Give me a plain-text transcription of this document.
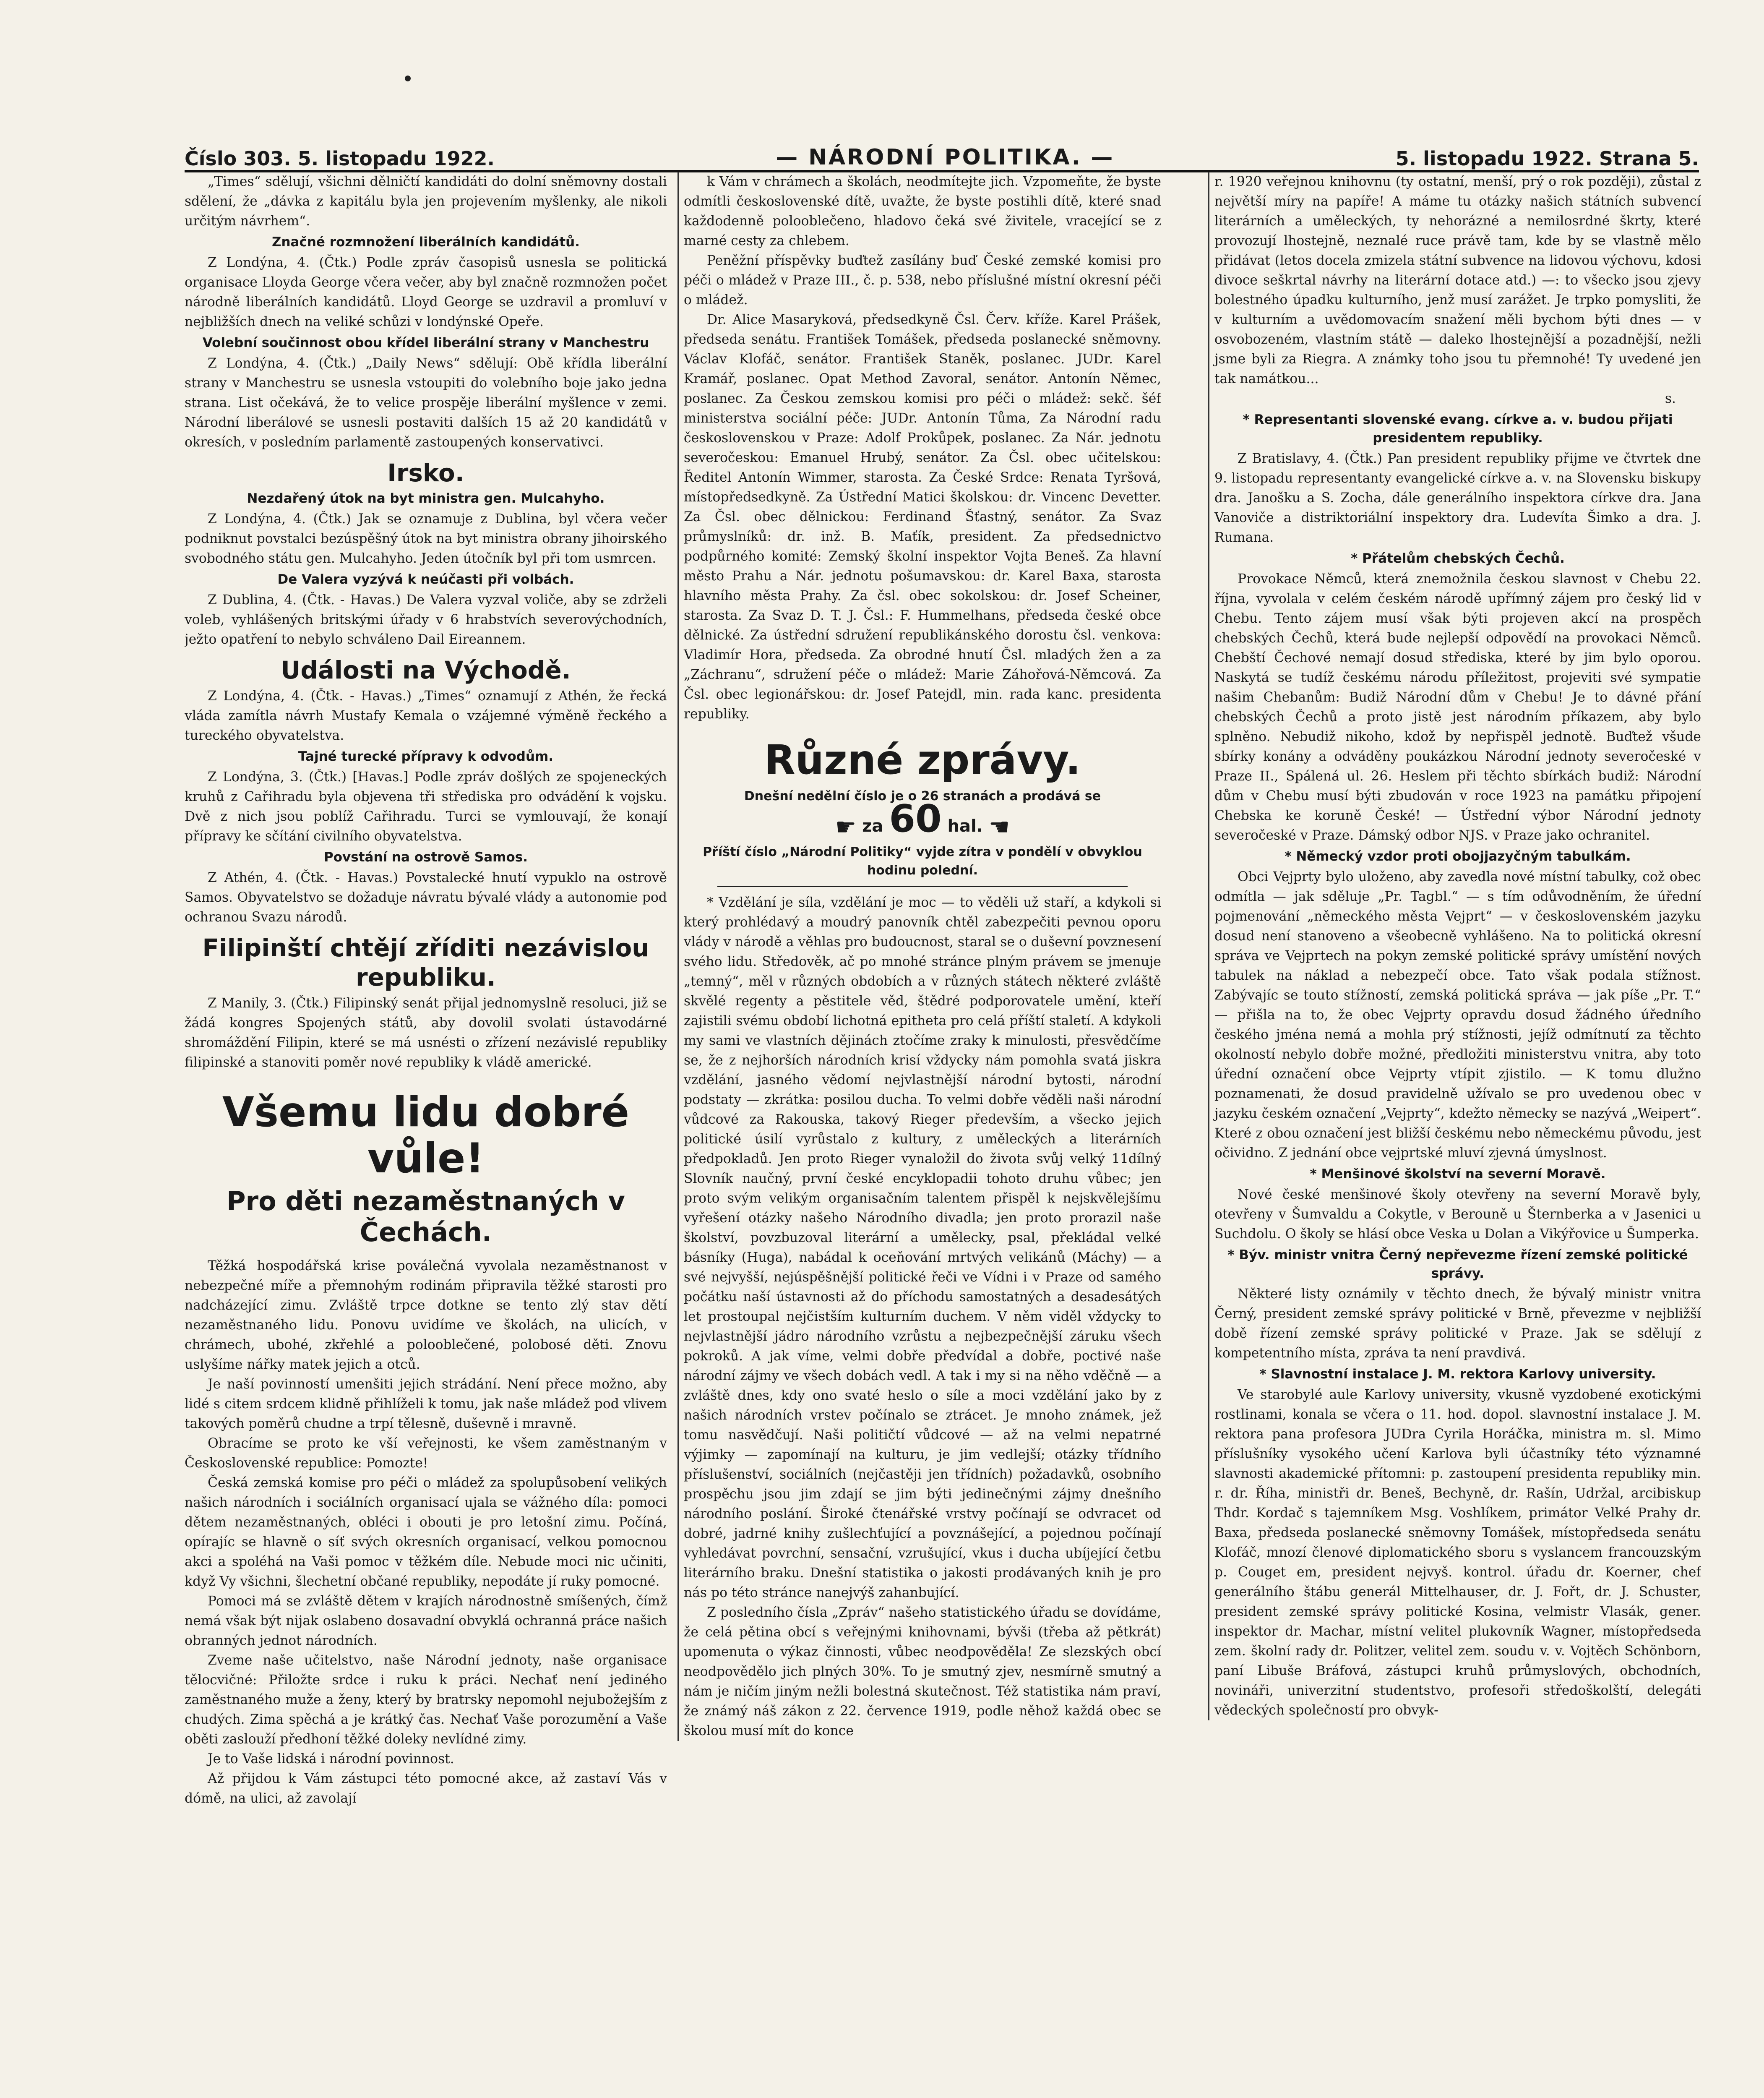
Číslo 303. 5. listopadu 1922.	— NÁRODNÍ POLITIKA. —	5. listopadu 1922. Strana 5.

„Times“ sdělují, všichni dělničtí kandidáti do dolní sněmovny dostali sdělení, že „dávka z kapitálu byla jen projevením myšlenky, ale nikoli určitým návrhem“.

Značné rozmnožení liberálních kandidátů.

Z Londýna, 4. (Čtk.) Podle zpráv časopisů usnesla se politická organisace Lloyda George včera večer, aby byl značně rozmnožen počet národně liberálních kandidátů. Lloyd George se uzdravil a promluví v nejbližších dnech na veliké schůzi v londýnské Opeře.

Volební součinnost obou křídel liberální strany v Manchestru

Z Londýna, 4. (Čtk.) „Daily News“ sdělují: Obě křídla liberální strany v Manchestru se usnesla vstoupiti do volebního boje jako jedna strana. List očekává, že to velice prospěje liberální myšlence v zemi. Národní liberálové se usnesli postaviti dalších 15 až 20 kandidátů v okresích, v posledním parlamentě zastoupených konservativci.

Irsko.
Nezdařený útok na byt ministra gen. Mulcahyho.

Z Londýna, 4. (Čtk.) Jak se oznamuje z Dublina, byl včera večer podniknut povstalci bezúspěšný útok na byt ministra obrany jihoirského svobodného státu gen. Mulcahyho. Jeden útočník byl při tom usmrcen.

De Valera vyzývá k neúčasti při volbách.

Z Dublina, 4. (Čtk. - Havas.) De Valera vyzval voliče, aby se zdrželi voleb, vyhlášených britskými úřady v 6 hrabstvích severovýchodních, ježto opatření to nebylo schváleno Dail Eireannem.

Události na Východě.

Z Londýna, 4. (Čtk. - Havas.) „Times“ oznamují z Athén, že řecká vláda zamítla návrh Mustafy Kemala o vzájemné výměně řeckého a tureckého obyvatelstva.

Tajné turecké přípravy k odvodům.

Z Londýna, 3. (Čtk.) [Havas.] Podle zpráv došlých ze spojeneckých kruhů z Cařihradu byla objevena tři střediska pro odvádění k vojsku. Dvě z nich jsou poblíž Cařihradu. Turci se vymlouvají, že konají přípravy ke sčítání civilního obyvatelstva.

Povstání na ostrově Samos.

Z Athén, 4. (Čtk. - Havas.) Povstalecké hnutí vypuklo na ostrově Samos. Obyvatelstvo se dožaduje návratu bývalé vlády a autonomie pod ochranou Svazu národů.

Filipinští chtějí zříditi nezávislou republiku.

Z Manily, 3. (Čtk.) Filipinský senát přijal jednomyslně resoluci, již se žádá kongres Spojených států, aby dovolil svolati ústavodárné shromáždění Filipin, které se má usnésti o zřízení nezávislé republiky filipinské a stanoviti poměr nové republiky k vládě americké.

Všemu lidu dobré vůle!
Pro děti nezaměstnaných v Čechách.

Těžká hospodářská krise poválečná vyvolala nezaměstnanost v nebezpečné míře a přemnohým rodinám připravila těžké starosti pro nadcházející zimu. Zvláště trpce dotkne se tento zlý stav dětí nezaměstnaného lidu. Ponovu uvidíme ve školách, na ulicích, v chrámech, ubohé, zkřehlé a polooblečené, polobosé děti. Znovu uslyšíme nářky matek jejich a otců.

Je naší povinností umenšiti jejich strádání. Není přece možno, aby lidé s citem srdcem klidně přihlíželi k tomu, jak naše mládež pod vlivem takových poměrů chudne a trpí tělesně, duševně i mravně.

Obracíme se proto ke vší veřejnosti, ke všem zaměstnaným v Československé republice: Pomozte!

Česká zemská komise pro péči o mládež za spolupůsobení velikých našich národních i sociálních organisací ujala se vážného díla: pomoci dětem nezaměstnaných, obléci i obouti je pro letošní zimu. Počíná, opírajíc se hlavně o síť svých okresních organisací, velkou pomocnou akci a spoléhá na Vaši pomoc v těžkém díle. Nebude moci nic učiniti, když Vy všichni, šlechetní občané republiky, nepodáte jí ruky pomocné.

Pomoci má se zvláště dětem v krajích národnostně smíšených, čímž nemá však být nijak oslabeno dosavadní obvyklá ochranná práce našich obranných jednot národních.

Zveme naše učitelstvo, naše Národní jednoty, naše organisace tělocvičné: Přiložte srdce i ruku k práci. Nechať není jediného zaměstnaného muže a ženy, který by bratrsky nepomohl nejubožejším z chudých. Zima spěchá a je krátký čas. Nechať Vaše porozumění a Vaše oběti zaslouží předhoní těžké doleky nevlídné zimy.

Je to Vaše lidská i národní povinnost.

Až přijdou k Vám zástupci této pomocné akce, až zastaví Vás v dómě, na ulici, až zavolají

k Vám v chrámech a školách, neodmítejte jich. Vzpomeňte, že byste odmítli československé dítě, uvažte, že byste postihli dítě, které snad každodenně polooblečeno, hladovo čeká své živitele, vracející se z marné cesty za chlebem.

Peněžní příspěvky buďtež zasílány buď České zemské komisi pro péči o mládež v Praze III., č. p. 538, nebo příslušné místní okresní péči o mládež.

Dr. Alice Masaryková, předsedkyně Čsl. Červ. kříže. Karel Prášek, předseda senátu. František Tomášek, předseda poslanecké sněmovny. Václav Klofáč, senátor. František Staněk, poslanec. JUDr. Karel Kramář, poslanec. Opat Method Zavoral, senátor. Antonín Němec, poslanec. Za Českou zemskou komisi pro péči o mládež: sekč. šéf ministerstva sociální péče: JUDr. Antonín Tůma, Za Národní radu československou v Praze: Adolf Prokůpek, poslanec. Za Nár. jednotu severočeskou: Emanuel Hrubý, senátor. Za Čsl. obec učitelskou: Ředitel Antonín Wimmer, starosta. Za České Srdce: Renata Tyršová, místopředsedkyně. Za Ústřední Matici školskou: dr. Vincenc Devetter. Za Čsl. obec dělnickou: Ferdinand Šťastný, senátor. Za Svaz průmyslníků: dr. inž. B. Maťík, president. Za předsednictvo podpůrného komité: Zemský školní inspektor Vojta Beneš. Za hlavní město Prahu a Nár. jednotu pošumavskou: dr. Karel Baxa, starosta hlavního města Prahy. Za čsl. obec sokolskou: dr. Josef Scheiner, starosta. Za Svaz D. T. J. Čsl.: F. Hummelhans, předseda české obce dělnické. Za ústřední sdružení republikánského dorostu čsl. venkova: Vladimír Hora, předseda. Za obrodné hnutí Čsl. mladých žen a za „Záchranu“, sdružení péče o mládež: Marie Záhořová-Němcová. Za Čsl. obec legionářskou: dr. Josef Patejdl, min. rada kanc. presidenta republiky.

Různé zprávy.
Dnešní nedělní číslo je o 26 stranách a prodává se
☛ za 60 hal. ☚
Příští číslo „Národní Politiky“ vyjde zítra v pondělí v obvyklou hodinu polední.

* Vzdělání je síla, vzdělání je moc — to věděli už staří, a kdykoli si který prohlédavý a moudrý panovník chtěl zabezpečiti pevnou oporu vlády v národě a věhlas pro budoucnost, staral se o duševní povznesení svého lidu. Středověk, ač po mnohé stránce plným právem se jmenuje „temný“, měl v různých obdobích a v různých státech některé zvláště skvělé regenty a pěstitele věd, štědré podporovatele umění, kteří zajistili svému období lichotná epitheta pro celá příští staletí. A kdykoli my sami ve vlastních dějinách ztočíme zraky k minulosti, přesvědčíme se, že z nejhorších národních krisí vždycky nám pomohla svatá jiskra vzdělání, jasného vědomí nejvlastnější národní bytosti, národní podstaty — zkrátka: posilou ducha. To velmi dobře věděli naši národní vůdcové za Rakouska, takový Rieger především, a všecko jejich politické úsilí vyrůstalo z kultury, z uměleckých a literárních předpokladů. Jen proto Rieger vynaložil do života svůj velký 11dílný Slovník naučný, první české encyklopadii tohoto druhu vůbec; jen proto svým velikým organisačním talentem přispěl k nejskvělejšímu vyřešení otázky našeho Národního divadla; jen proto prorazil naše školství, povzbuzoval literární a umělecky, psal, překládal velké básníky (Huga), nabádal k oceňování mrtvých velikánů (Máchy) — a své nejvyšší, nejúspěšnější politické řeči ve Vídni i v Praze od samého počátku naší ústavnosti až do příchodu samostatných a desadesátých let prostoupal nejčistším kulturním duchem. V něm viděl vždycky to nejvlastnější jádro národního vzrůstu a nejbezpečnější záruku všech pokroků. A jak víme, velmi dobře předvídal a dobře, poctivé naše národní zájmy ve všech dobách vedl. A tak i my si na něho vděčně — a zvláště dnes, kdy ono svaté heslo o síle a moci vzdělání jako by z našich národních vrstev počínalo se ztrácet. Je mnoho známek, jež tomu nasvědčují. Naši političtí vůdcové — až na velmi nepatrné výjimky — zapomínají na kulturu, je jim vedlejší; otázky třídního příslušenství, sociálních (nejčastěji jen třídních) požadavků, osobního prospěchu jsou jim zdají se jim býti jedinečnými zájmy dnešního národního poslání. Široké čtenářské vrstvy počínají se odvracet od dobré, jadrné knihy zušlechťující a povznášející, a pojednou počínají vyhledávat povrchní, sensační, vzrušující, vkus i ducha ubíjející četbu literárního braku. Dnešní statistika o jakosti prodávaných knih je pro nás po této stránce nanejvýš zahanbující.

Z posledního čísla „Zpráv“ našeho statistického úřadu se dovídáme, že celá pětina obcí s veřejnými knihovnami, bývši (třeba až pětkrát) upomenuta o výkaz činnosti, vůbec neodpověděla! Ze slezských obcí neodpovědělo jich plných 30%. To je smutný zjev, nesmírně smutný a nám je ničím jiným nežli bolestná skutečnost. Též statistika nám praví, že známý náš zákon z 22. července 1919, podle něhož každá obec se školou musí mít do konce

r. 1920 veřejnou knihovnu (ty ostatní, menší, prý o rok později), zůstal z největší míry na papíře! A máme tu otázky našich státních subvencí literárních a uměleckých, ty nehorázné a nemilosrdné škrty, které provozují lhostejně, neznalé ruce právě tam, kde by se vlastně mělo přidávat (letos docela zmizela státní subvence na lidovou výchovu, kdosi divoce seškrtal návrhy na literární dotace atd.) —: to všecko jsou zjevy bolestného úpadku kulturního, jenž musí zarážet. Je trpko pomysliti, že v kulturním a uvědomovacím snažení měli bychom býti dnes — v osvobozeném, vlastním státě — daleko lhostejnější a pozadnější, nežli jsme byli za Riegra. A známky toho jsou tu přemnohé! Ty uvedené jen tak namátkou...

s.

* Representanti slovenské evang. církve a. v. budou přijati presidentem republiky.

Z Bratislavy, 4. (Čtk.) Pan president republiky přijme ve čtvrtek dne 9. listopadu representanty evangelické církve a. v. na Slovensku biskupy dra. Janošku a S. Zocha, dále generálního inspektora církve dra. Jana Vanoviče a distriktoriální inspektory dra. Ludevíta Šimko a dra. J. Rumana.

* Přátelům chebských Čechů.

Provokace Němců, která znemožnila českou slavnost v Chebu 22. října, vyvolala v celém českém národě upřímný zájem pro český lid v Chebu. Tento zájem musí však býti projeven akcí na prospěch chebských Čechů, která bude nejlepší odpovědí na provokaci Němců. Chebští Čechové nemají dosud střediska, které by jim bylo oporou. Naskytá se tudíž českému národu příležitost, projeviti své sympatie našim Chebanům: Budiž Národní dům v Chebu! Je to dávné přání chebských Čechů a proto jistě jest národním příkazem, aby bylo splněno. Nebudiž nikoho, kdož by nepřispěl jednotě. Buďtež všude sbírky konány a odváděny poukázkou Národní jednoty severočeské v Praze II., Spálená ul. 26. Heslem při těchto sbírkách budiž: Národní dům v Chebu musí býti zbudován v roce 1923 na památku připojení Chebska ke koruně České! — Ústřední výbor Národní jednoty severočeské v Praze. Dámský odbor NJS. v Praze jako ochranitel.

* Německý vzdor proti obojjazyčným tabulkám.

Obci Vejprty bylo uloženo, aby zavedla nové místní tabulky, což obec odmítla — jak sděluje „Pr. Tagbl.“ — s tím odůvodněním, že úřední pojmenování „německého města Vejprt“ — v československém jazyku dosud není stanoveno a všeobecně vyhlášeno. Na to politická okresní správa ve Vejprtech na pokyn zemské politické správy umístění nových tabulek na náklad a nebezpečí obce. Tato však podala stížnost. Zabývajíc se touto stížností, zemská politická správa — jak píše „Pr. T.“ — přišla na to, že obec Vejprty opravdu dosud žádného úředního českého jména nemá a mohla prý stížnosti, jejíž odmítnutí za těchto okolností nebylo dobře možné, předložiti ministerstvu vnitra, aby toto úřední označení obce Vejprty vtípit zjistilo. — K tomu dlužno poznamenati, že dosud pravidelně užívalo se pro uvedenou obec v jazyku českém označení „Vejprty“, kdežto německy se nazývá „Weipert“. Které z obou označení jest bližší českému nebo německému původu, jest očividno. Z jednání obce vejprtské mluví zjevná úmyslnost.

* Menšinové školství na severní Moravě.

Nové české menšinové školy otevřeny na severní Moravě byly, otevřeny v Šumvaldu a Cokytle, v Berouně u Šternberka a v Jasenici u Suchdolu. O školy se hlásí obce Veska u Dolan a Vikýřovice u Šumperka.

* Býv. ministr vnitra Černý nepřevezme řízení zemské politické správy.

Některé listy oznámily v těchto dnech, že bývalý ministr vnitra Černý, president zemské správy politické v Brně, převezme v nejbližší době řízení zemské správy politické v Praze. Jak se sdělují z kompetentního místa, zpráva ta není pravdivá.

* Slavnostní instalace J. M. rektora Karlovy university.

Ve starobylé aule Karlovy university, vkusně vyzdobené exotickými rostlinami, konala se včera o 11. hod. dopol. slavnostní instalace J. M. rektora pana profesora JUDra Cyrila Horáčka, ministra m. sl. Mimo příslušníky vysokého učení Karlova byli účastníky této významné slavnosti akademické přítomni: p. zastoupení presidenta republiky min. r. dr. Říha, ministři dr. Beneš, Bechyně, dr. Rašín, Udržal, arcibiskup Thdr. Kordač s tajemníkem Msg. Voshlíkem, primátor Velké Prahy dr. Baxa, předseda poslanecké sněmovny Tomášek, místopředseda senátu Klofáč, mnozí členové diplomatického sboru s vyslancem francouzským p. Couget em, president nejvyš. kontrol. úřadu dr. Koerner, chef generálního štábu generál Mittelhauser, dr. J. Fořt, dr. J. Schuster, president zemské správy politické Kosina, velmistr Vlasák, gener. inspektor dr. Machar, místní velitel plukovník Wagner, místopředseda zem. školní rady dr. Politzer, velitel zem. soudu v. v. Vojtěch Schönborn, paní Libuše Bráfová, zástupci kruhů průmyslových, obchodních, novináři, univerzitní studentstvo, profesoři středoškolští, delegáti vědeckých společností pro obvyk-
